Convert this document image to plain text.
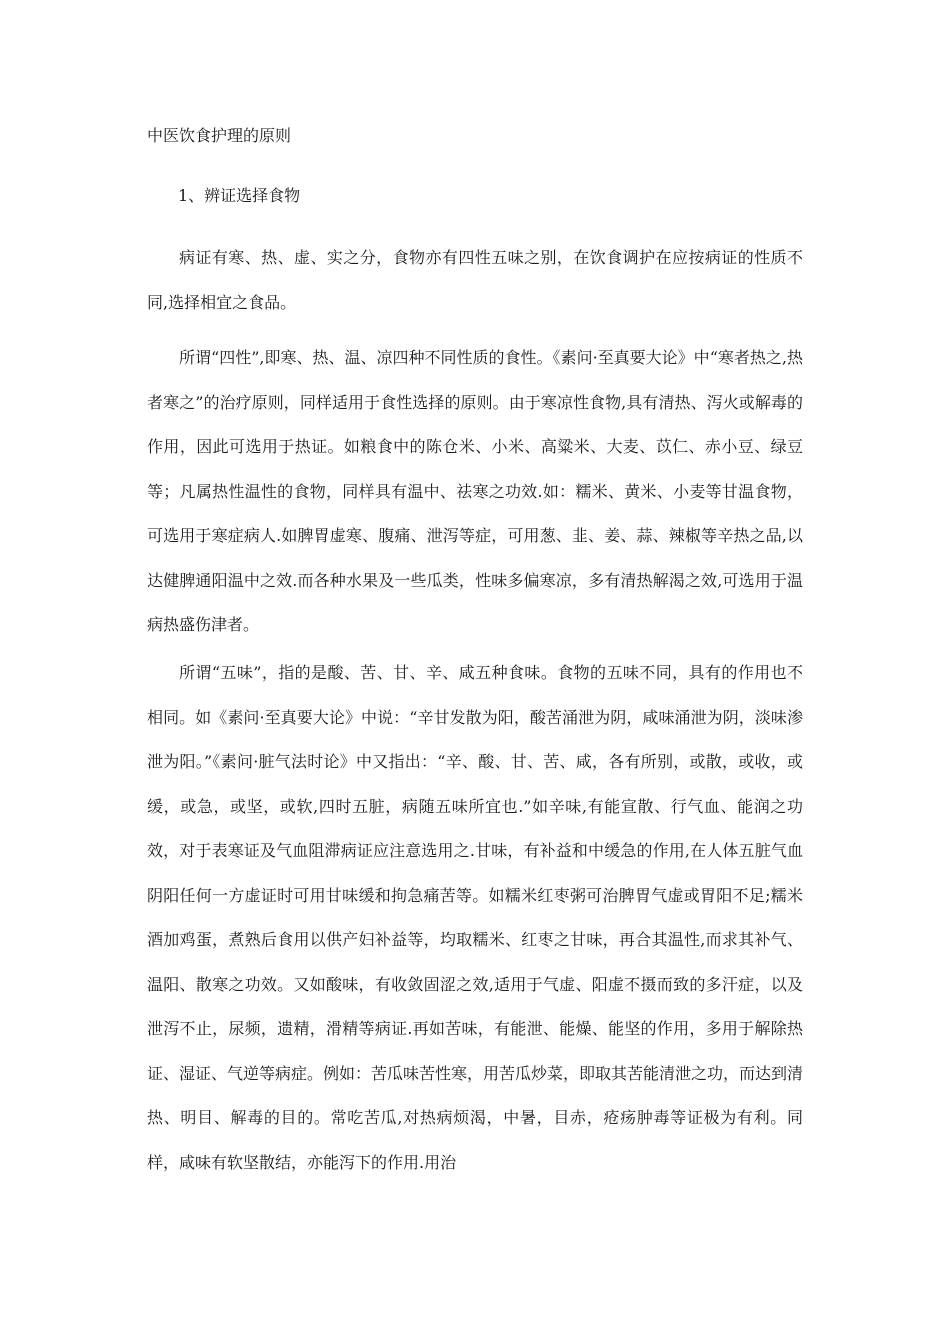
中医饮食护理的原则
1、辨证选择食物

病证有寒、热、虚、实之分，食物亦有四性五味之别，在饮食调护在应按病证的性质不同,选择相宜之食品。

所谓“四性”,即寒、热、温、凉四种不同性质的食性。《素问·至真要大论》中“寒者热之,热者寒之”的治疗原则，同样适用于食性选择的原则。由于寒凉性食物,具有清热、泻火或解毒的作用，因此可选用于热证。如粮食中的陈仓米、小米、高粱米、大麦、苡仁、赤小豆、绿豆等；凡属热性温性的食物，同样具有温中、祛寒之功效.如：糯米、黄米、小麦等甘温食物，可选用于寒症病人.如脾胃虚寒、腹痛、泄泻等症，可用葱、韭、姜、蒜、辣椒等辛热之品,以达健脾通阳温中之效.而各种水果及一些瓜类，性味多偏寒凉，多有清热解渴之效,可选用于温病热盛伤津者。

所谓“五味”，指的是酸、苦、甘、辛、咸五种食味。食物的五味不同，具有的作用也不相同。如《素问·至真要大论》中说：“辛甘发散为阳，酸苦涌泄为阴，咸味涌泄为阴，淡味渗泄为阳。”《素问·脏气法时论》中又指出：“辛、酸、甘、苦、咸，各有所别，或散，或收，或缓，或急，或坚，或软,四时五脏，病随五味所宜也.”如辛味,有能宣散、行气血、能润之功效，对于表寒证及气血阻滞病证应注意选用之.甘味，有补益和中缓急的作用,在人体五脏气血阴阳任何一方虚证时可用甘味缓和拘急痛苦等。如糯米红枣粥可治脾胃气虚或胃阳不足;糯米酒加鸡蛋，煮熟后食用以供产妇补益等，均取糯米、红枣之甘味，再合其温性,而求其补气、温阳、散寒之功效。又如酸味，有收敛固涩之效,适用于气虚、阳虚不摄而致的多汗症，以及泄泻不止，尿频，遗精，滑精等病证.再如苦味，有能泄、能燥、能坚的作用，多用于解除热证、湿证、气逆等病症。例如：苦瓜味苦性寒，用苦瓜炒菜，即取其苦能清泄之功，而达到清热、明目、解毒的目的。常吃苦瓜,对热病烦渴，中暑，目赤，疮疡肿毒等证极为有利。同样，咸味有软坚散结，亦能泻下的作用.用治
